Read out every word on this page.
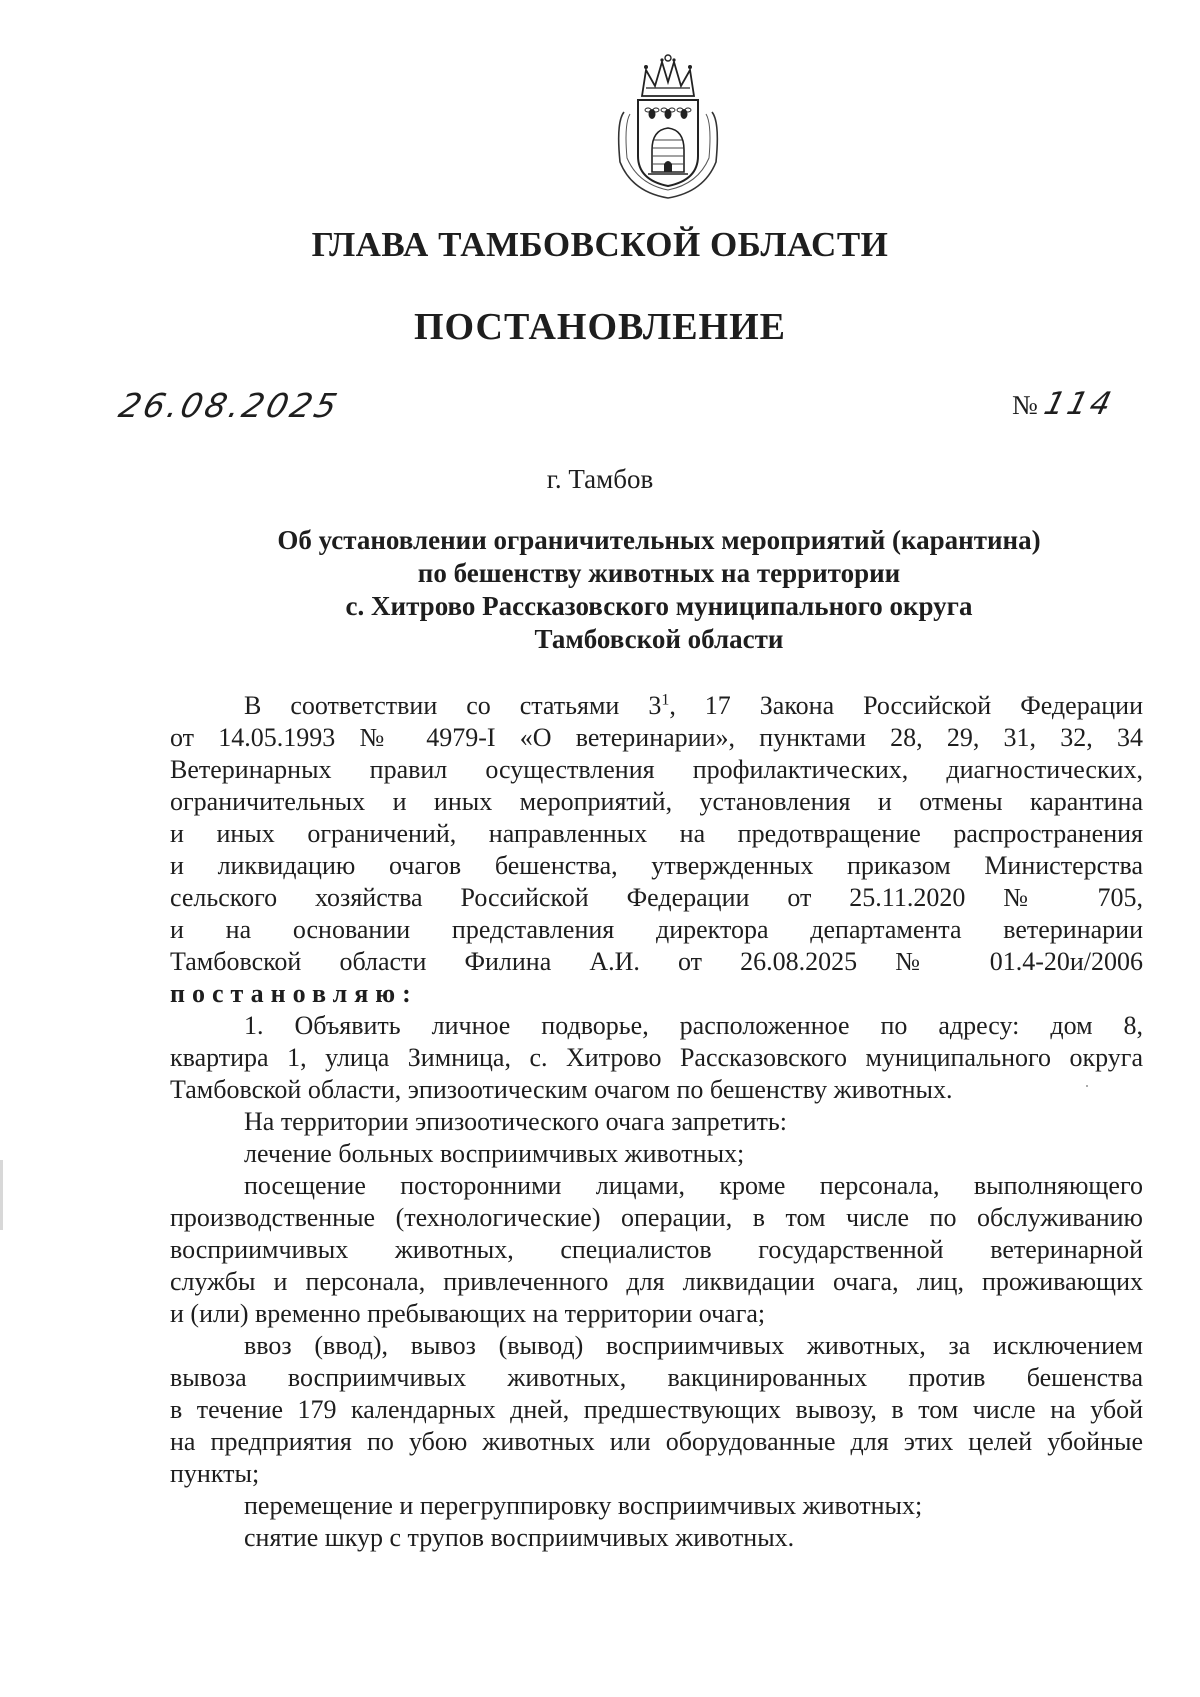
ГЛАВА ТАМБОВСКОЙ ОБЛАСТИ
ПОСТАНОВЛЕНИЕ
26.08.2025	№ 114
г. Тамбов
Об установлении ограничительных мероприятий (карантина)
по бешенству животных на территории
с. Хитрово Рассказовского муниципального округа
Тамбовской области
В соответствии со статьями $3^1$, 17 Закона Российской Федерации
от 14.05.1993 № 4979-I «О ветеринарии», пунктами 28, 29, 31, 32, 34
Ветеринарных правил осуществления профилактических, диагностических,
ограничительных и иных мероприятий, установления и отмены карантина
и иных ограничений, направленных на предотвращение распространения
и ликвидацию очагов бешенства, утвержденных приказом Министерства
сельского хозяйства Российской Федерации от 25.11.2020 № 705,
и на основании представления директора департамента ветеринарии
Тамбовской области Филина А.И. от 26.08.2025 № 01.4-20и/2006
постановляю:
1. Объявить личное подворье, расположенное по адресу: дом 8,
квартира 1, улица Зимница, с. Хитрово Рассказовского муниципального округа
Тамбовской области, эпизоотическим очагом по бешенству животных.
На территории эпизоотического очага запретить:
лечение больных восприимчивых животных;
посещение посторонними лицами, кроме персонала, выполняющего
производственные (технологические) операции, в том числе по обслуживанию
восприимчивых животных, специалистов государственной ветеринарной
службы и персонала, привлеченного для ликвидации очага, лиц, проживающих
и (или) временно пребывающих на территории очага;
ввоз (ввод), вывоз (вывод) восприимчивых животных, за исключением
вывоза восприимчивых животных, вакцинированных против бешенства
в течение 179 календарных дней, предшествующих вывозу, в том числе на убой
на предприятия по убою животных или оборудованные для этих целей убойные
пункты;
перемещение и перегруппировку восприимчивых животных;
снятие шкур с трупов восприимчивых животных.
